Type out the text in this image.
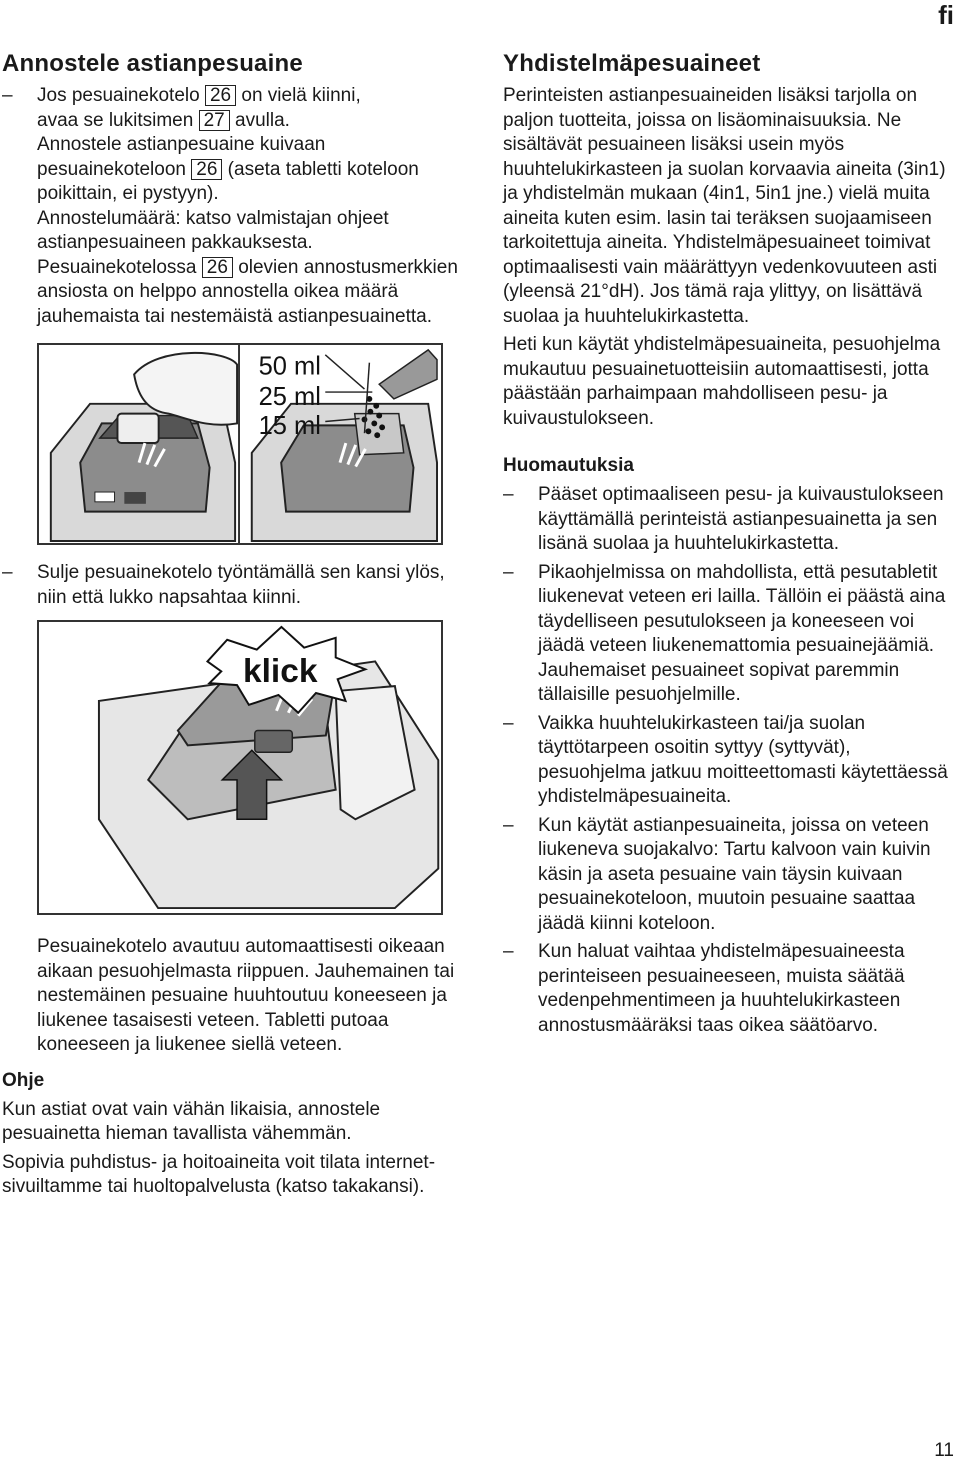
fi
Annostele astianpesuaine
– Jos pesuainekotelo 26 on vielä kiinni,
avaa se lukitsimen 27 avulla.

Annostele astianpesuaine kuivaan pesuainekoteloon 26 (aseta tabletti koteloon poikittain, ei pystyyn).

Annostelumäärä: katso valmistajan ohjeet astianpesuaineen pakkauksesta.

Pesuainekotelossa 26 olevien annostusmerkkien ansiosta on helppo annostella oikea määrä jauhemaista tai nestemäistä astianpesuainetta.

50 ml
25 ml
15 ml
– Sulje pesuainekotelo työntämällä sen kansi ylös, niin että lukko napsahtaa kiinni.
klick

Pesuainekotelo avautuu automaattisesti oikeaan aikaan pesuohjelmasta riippuen. Jauhemainen tai nestemäinen pesuaine huuhtoutuu koneeseen ja liukenee tasaisesti veteen. Tabletti putoaa koneeseen ja liukenee siellä veteen.

Ohje

Kun astiat ovat vain vähän likaisia, annostele pesuainetta hieman tavallista vähemmän.

Sopivia puhdistus- ja hoitoaineita voit tilata internet-sivuiltamme tai huoltopalvelusta (katso takakansi).

Yhdistelmäpesuaineet

Perinteisten astianpesuaineiden lisäksi tarjolla on paljon tuotteita, joissa on lisäominaisuuksia. Ne sisältävät pesuaineen lisäksi usein myös huuhtelukirkasteen ja suolan korvaavia aineita (3in1) ja yhdistelmän mukaan (4in1, 5in1 jne.) vielä muita aineita kuten esim. lasin tai teräksen suojaamiseen tarkoitettuja aineita. Yhdistelmäpesuaineet toimivat optimaalisesti vain määrättyyn vedenkovuuteen asti (yleensä 21°dH). Jos tämä raja ylittyy, on lisättävä suolaa ja huuhtelukirkastetta.

Heti kun käytät yhdistelmäpesuaineita, pesuohjelma mukautuu pesuainetuotteisiin automaattisesti, jotta päästään parhaimpaan mahdolliseen pesu- ja kuivaustulokseen.

Huomautuksia
– Pääset optimaaliseen pesu- ja kuivaustulokseen käyttämällä perinteistä astianpesuainetta ja sen lisänä suolaa ja huuhtelukirkastetta.
– Pikaohjelmissa on mahdollista, että pesutabletit liukenevat veteen eri lailla. Tällöin ei päästä aina täydelliseen pesutulokseen ja koneeseen voi jäädä veteen liukenemattomia pesuainejäämiä. Jauhemaiset pesuaineet sopivat paremmin tällaisille pesuohjelmille.
– Vaikka huuhtelukirkasteen tai/ja suolan täyttötarpeen osoitin syttyy (syttyvät), pesuohjelma jatkuu moitteettomasti käytettäessä yhdistelmäpesuaineita.
– Kun käytät astianpesuaineita, joissa on veteen liukeneva suojakalvo: Tartu kalvoon vain kuivin käsin ja aseta pesuaine vain täysin kuivaan pesuainekoteloon, muutoin pesuaine saattaa jäädä kiinni koteloon.
– Kun haluat vaihtaa yhdistelmäpesuaineesta perinteiseen pesuaineeseen, muista säätää vedenpehmentimeen ja huuhtelukirkasteen annostusmääräksi taas oikea säätöarvo.
11
